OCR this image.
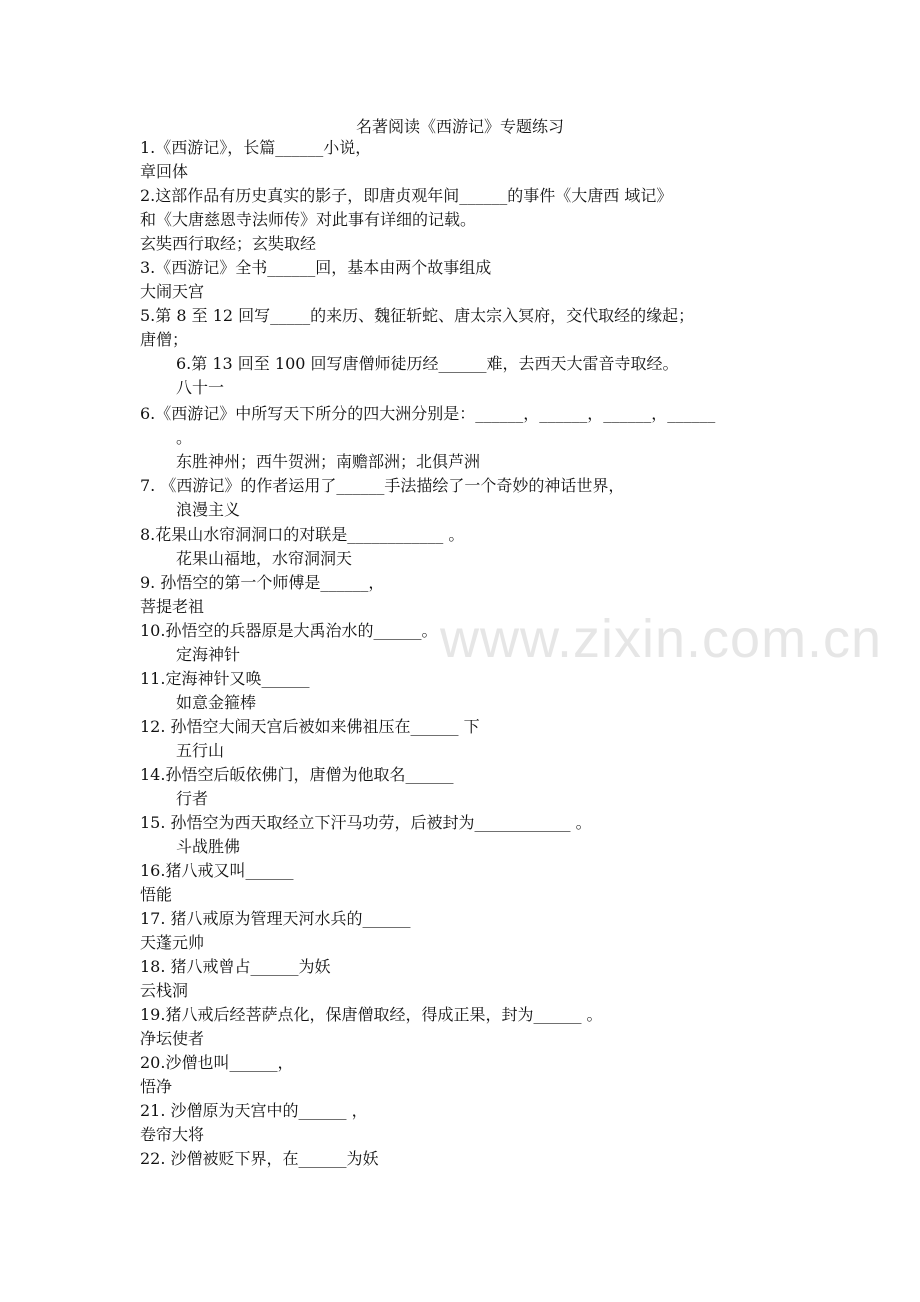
www.zixin.com.cn
名著阅读《西游记》专题练习
1.《西游记》，长篇______小说，
章回体
2.这部作品有历史真实的影子，即唐贞观年间______的事件《大唐西 域记》
和《大唐慈恩寺法师传》对此事有详细的记载。
玄奘西行取经；玄奘取经
3.《西游记》全书______回，基本由两个故事组成
大闹天宫
5.第 8 至 12 回写_____的来历、魏征斩蛇、唐太宗入冥府，交代取经的缘起；
唐僧；
6.第 13 回至 100 回写唐僧师徒历经______难，去西天大雷音寺取经。
八十一
6.《西游记》中所写天下所分的四大洲分别是：______，______，______，______
。
东胜神州；西牛贺洲；南赡部洲；北俱芦洲
7. 《西游记》的作者运用了______手法描绘了一个奇妙的神话世界，
浪漫主义
8.花果山水帘洞洞口的对联是____________ 。
花果山福地，水帘洞洞天
9. 孙悟空的第一个师傅是______，
菩提老祖
10.孙悟空的兵器原是大禹治水的______。
定海神针
11.定海神针又唤______
如意金箍棒
12. 孙悟空大闹天宫后被如来佛祖压在______ 下
五行山
14.孙悟空后皈依佛门，唐僧为他取名______
行者
15. 孙悟空为西天取经立下汗马功劳，后被封为____________ 。
斗战胜佛
16.猪八戒又叫______
悟能
17. 猪八戒原为管理天河水兵的______
天蓬元帅
18. 猪八戒曾占______为妖
云栈洞
19.猪八戒后经菩萨点化，保唐僧取经，得成正果，封为______ 。
净坛使者
20.沙僧也叫______，
悟净
21. 沙僧原为天宫中的______ ，
卷帘大将
22. 沙僧被贬下界，在______为妖
